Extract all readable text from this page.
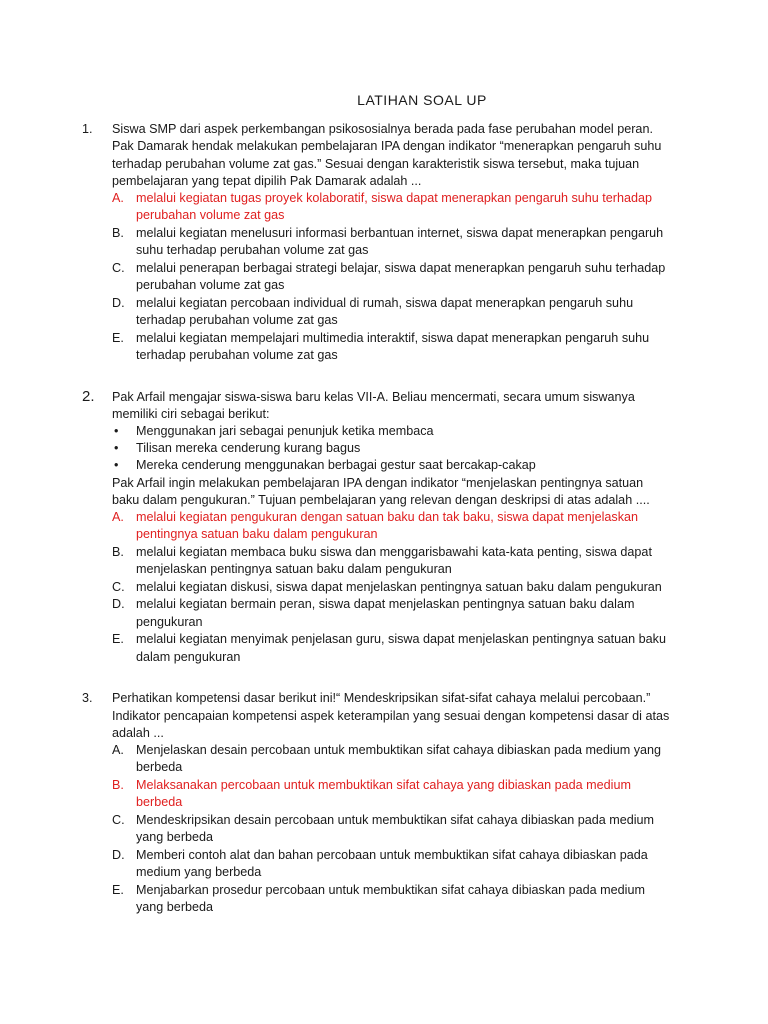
LATIHAN SOAL UP
1. Siswa SMP dari aspek perkembangan psikososialnya berada pada fase perubahan model peran. Pak Damarak hendak melakukan pembelajaran IPA dengan indikator “menerapkan pengaruh suhu terhadap perubahan volume zat gas.” Sesuai dengan karakteristik siswa tersebut, maka tujuan pembelajaran yang tepat dipilih Pak Damarak adalah ...

A. melalui kegiatan tugas proyek kolaboratif, siswa dapat menerapkan pengaruh suhu terhadap perubahan volume zat gas
B. melalui kegiatan menelusuri informasi berbantuan internet, siswa dapat menerapkan pengaruh suhu terhadap perubahan volume zat gas
C. melalui penerapan berbagai strategi belajar, siswa dapat menerapkan pengaruh suhu terhadap perubahan volume zat gas
D. melalui kegiatan percobaan individual di rumah, siswa dapat menerapkan pengaruh suhu terhadap perubahan volume zat gas
E. melalui kegiatan mempelajari multimedia interaktif, siswa dapat menerapkan pengaruh suhu terhadap perubahan volume zat gas
2. Pak Arfail mengajar siswa-siswa baru kelas VII-A. Beliau mencermati, secara umum siswanya memiliki ciri sebagai berikut:

• Menggunakan jari sebagai penunjuk ketika membaca
• Tilisan mereka cenderung kurang bagus
• Mereka cenderung menggunakan berbagai gestur saat bercakap-cakap

Pak Arfail ingin melakukan pembelajaran IPA dengan indikator “menjelaskan pentingnya satuan baku dalam pengukuran.” Tujuan pembelajaran yang relevan dengan deskripsi di atas adalah ....

A. melalui kegiatan pengukuran dengan satuan baku dan tak baku, siswa dapat menjelaskan pentingnya satuan baku dalam pengukuran
B. melalui kegiatan membaca buku siswa dan menggarisbawahi kata-kata penting, siswa dapat menjelaskan pentingnya satuan baku dalam pengukuran
C. melalui kegiatan diskusi, siswa dapat menjelaskan pentingnya satuan baku dalam pengukuran
D. melalui kegiatan bermain peran, siswa dapat menjelaskan pentingnya satuan baku dalam pengukuran
E. melalui kegiatan menyimak penjelasan guru, siswa dapat menjelaskan pentingnya satuan baku dalam pengukuran
3. Perhatikan kompetensi dasar berikut ini!“ Mendeskripsikan sifat-sifat cahaya melalui percobaan.” Indikator pencapaian kompetensi aspek keterampilan yang sesuai dengan kompetensi dasar di atas adalah ...

A. Menjelaskan desain percobaan untuk membuktikan sifat cahaya dibiaskan pada medium yang berbeda
B. Melaksanakan percobaan untuk membuktikan sifat cahaya yang dibiaskan pada medium berbeda
C. Mendeskripsikan desain percobaan untuk membuktikan sifat cahaya dibiaskan pada medium yang berbeda
D. Memberi contoh alat dan bahan percobaan untuk membuktikan sifat cahaya dibiaskan pada medium yang berbeda
E. Menjabarkan prosedur percobaan untuk membuktikan sifat cahaya dibiaskan pada medium yang berbeda
